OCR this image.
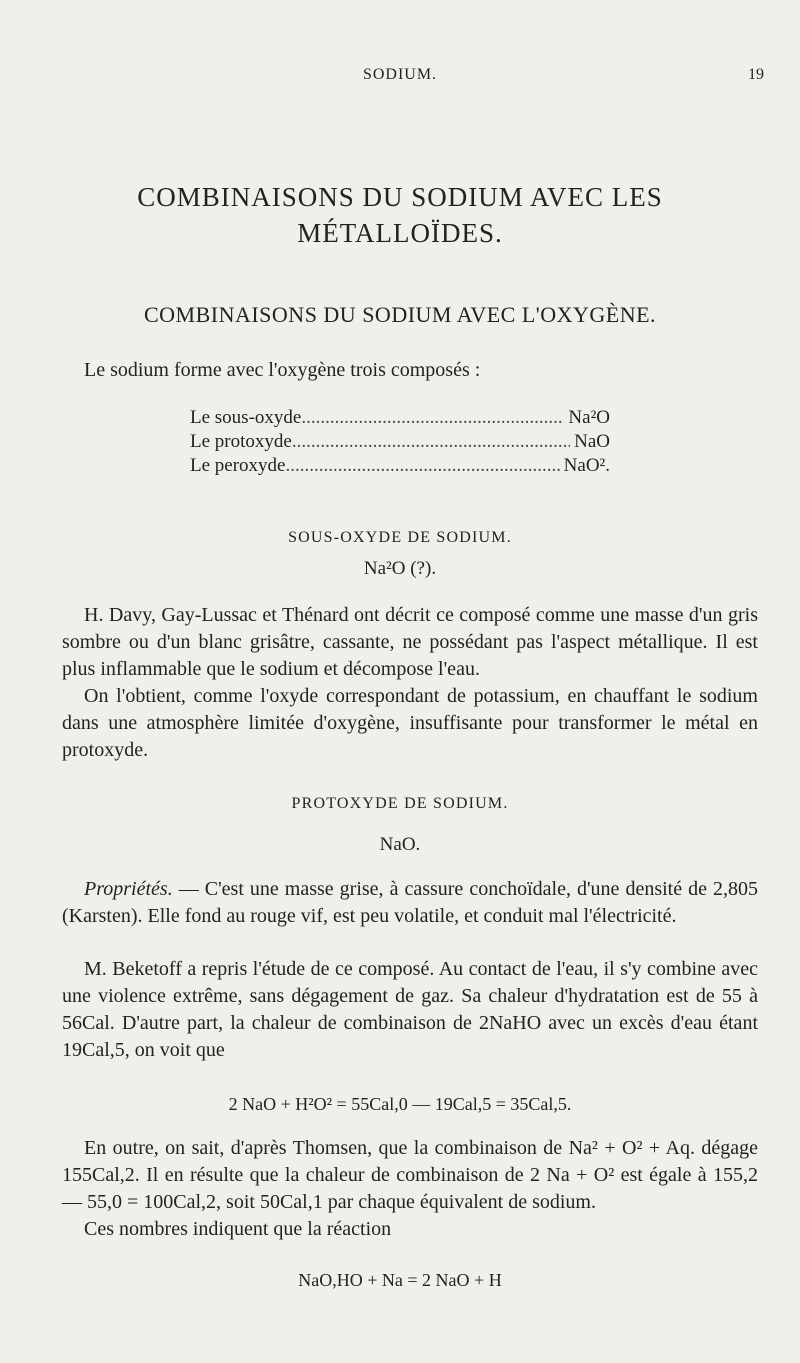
SODIUM.	19
COMBINAISONS DU SODIUM AVEC LES
MÉTALLOÏDES.
COMBINAISONS DU SODIUM AVEC L'OXYGÈNE.
Le sodium forme avec l'oxygène trois composés :
Le sous-oxyde .....	Na²O
Le protoxyde .....	NaO
Le peroxyde .....	NaO².
SOUS-OXYDE DE SODIUM.
Na²O (?).
H. Davy, Gay-Lussac et Thénard ont décrit ce composé comme une masse d'un gris sombre ou d'un blanc grisâtre, cassante, ne possédant pas l'aspect métallique. Il est plus inflammable que le sodium et décompose l'eau.
On l'obtient, comme l'oxyde correspondant de potassium, en chauffant le sodium dans une atmosphère limitée d'oxygène, insuffisante pour transformer le métal en protoxyde.
PROTOXYDE DE SODIUM.
NaO.
Propriétés. — C'est une masse grise, à cassure conchoïdale, d'une densité de 2,805 (Karsten). Elle fond au rouge vif, est peu volatile, et conduit mal l'électricité.
M. Beketoff a repris l'étude de ce composé. Au contact de l'eau, il s'y combine avec une violence extrême, sans dégagement de gaz. Sa chaleur d'hydratation est de 55 à 56Cal. D'autre part, la chaleur de combinaison de 2NaHO avec un excès d'eau étant 19Cal,5, on voit que
2 NaO + H²O² = 55Cal,0 — 19Cal,5 = 35Cal,5.
En outre, on sait, d'après Thomsen, que la combinaison de Na² + O² + Aq. dégage 155Cal,2. Il en résulte que la chaleur de combinaison de 2 Na + O² est égale à 155,2 — 55,0 = 100Cal,2, soit 50Cal,1 par chaque équivalent de sodium.
Ces nombres indiquent que la réaction
NaO,HO + Na = 2 NaO + H
